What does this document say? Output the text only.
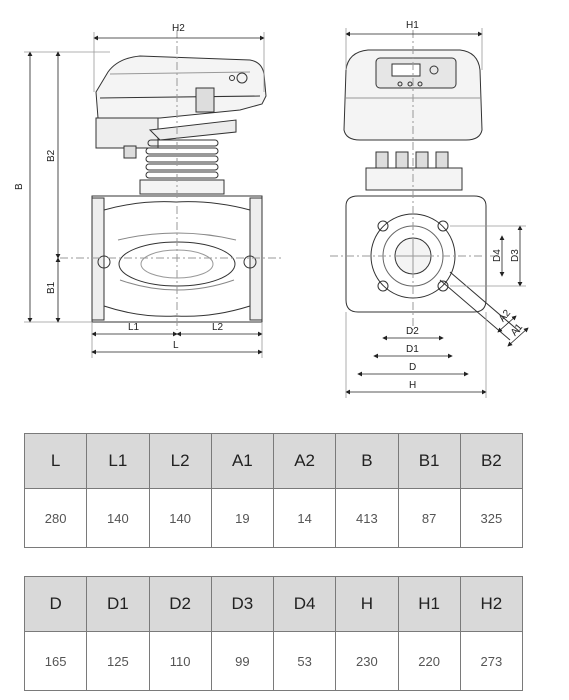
H2
B
B2
B1
L1	L2
L
H1
D4 D3
D2
D1
D
H
A2
A1
L	L1	L2	A1	A2	B	B1	B2
280	140	140	19	14	413	87	325
D	D1	D2	D3	D4	H	H1	H2
165	125	110	99	53	230	220	273
